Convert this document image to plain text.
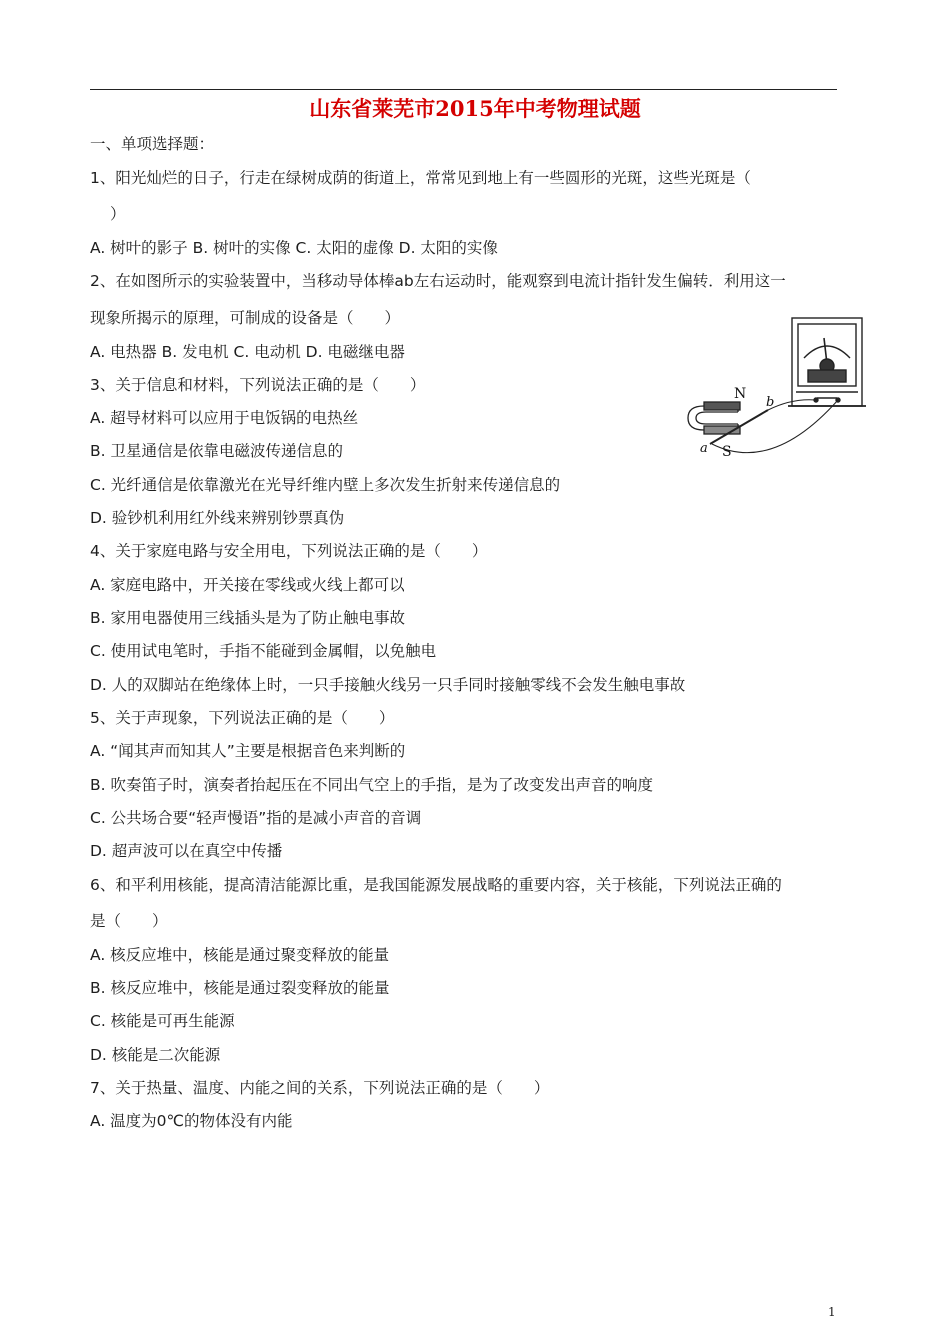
山东省莱芜市2015年中考物理试题
一、单项选择题：
1、阳光灿烂的日子，行走在绿树成荫的街道上，常常见到地上有一些圆形的光斑，这些光斑是（
）
A. 树叶的影子 B. 树叶的实像 C. 太阳的虚像 D. 太阳的实像
2、在如图所示的实验装置中，当移动导体棒ab左右运动时，能观察到电流计指针发生偏转．利用这一
现象所揭示的原理，可制成的设备是（　　）
A. 电热器 B. 发电机 C. 电动机 D. 电磁继电器
3、关于信息和材料，下列说法正确的是（　　）
A. 超导材料可以应用于电饭锅的电热丝
B. 卫星通信是依靠电磁波传递信息的
C. 光纤通信是依靠激光在光导纤维内壁上多次发生折射来传递信息的
D. 验钞机利用红外线来辨别钞票真伪
4、关于家庭电路与安全用电，下列说法正确的是（　　）
A. 家庭电路中，开关接在零线或火线上都可以
B. 家用电器使用三线插头是为了防止触电事故
C. 使用试电笔时，手指不能碰到金属帽，以免触电
D. 人的双脚站在绝缘体上时，一只手接触火线另一只手同时接触零线不会发生触电事故
5、关于声现象，下列说法正确的是（　　）
A. “闻其声而知其人”主要是根据音色来判断的
B. 吹奏笛子时，演奏者抬起压在不同出气空上的手指，是为了改变发出声音的响度
C. 公共场合要“轻声慢语”指的是减小声音的音调
D. 超声波可以在真空中传播
6、和平利用核能，提高清洁能源比重，是我国能源发展战略的重要内容，关于核能，下列说法正确的
是（　　）
A. 核反应堆中，核能是通过聚变释放的能量
B. 核反应堆中，核能是通过裂变释放的能量
C. 核能是可再生能源
D. 核能是二次能源
7、关于热量、温度、内能之间的关系，下列说法正确的是（　　）
A. 温度为0℃的物体没有内能
N
S
a
b
1
